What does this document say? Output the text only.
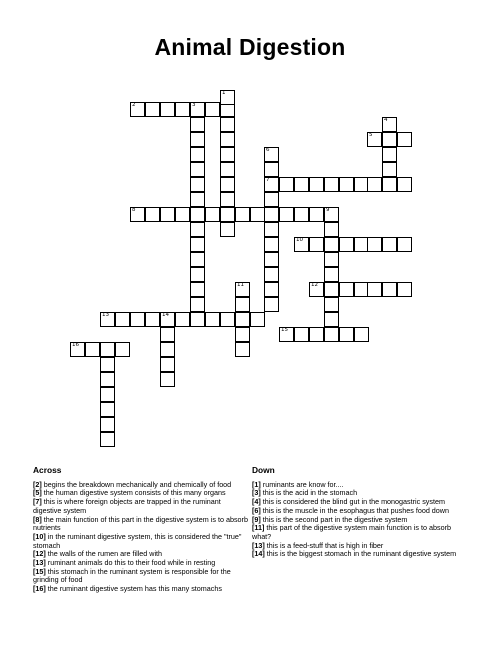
Animal Digestion
1
2	3
4
5
6
7
8	9
10
11	12
13	14
15
16
Across
[2] begins the breakdown mechanically and chemically of food
[5] the human digestive system consists of this many organs
[7] this is where foreign objects are trapped in the ruminant digestive system
[8] the main function of this part in the digestive system is to absorb nutrients
[10] in the ruminant digestive system, this is considered the "true" stomach
[12] the walls of the rumen are filled with
[13] ruminant animals do this to their food while in resting
[15] this stomach in the ruminant system is responsible for the grinding of food
[16] the ruminant digestive system has this many stomachs
Down
[1] ruminants are know for....
[3] this is the acid in the stomach
[4] this is considered the blind gut in the monogastric system
[6] this is the muscle in the esophagus that pushes food down
[9] this is the second part in the digestive system
[11] this part of the digestive system main function is to absorb what?
[13] this is a feed-stuff that is high in fiber
[14] this is the biggest stomach in the ruminant digestive system
